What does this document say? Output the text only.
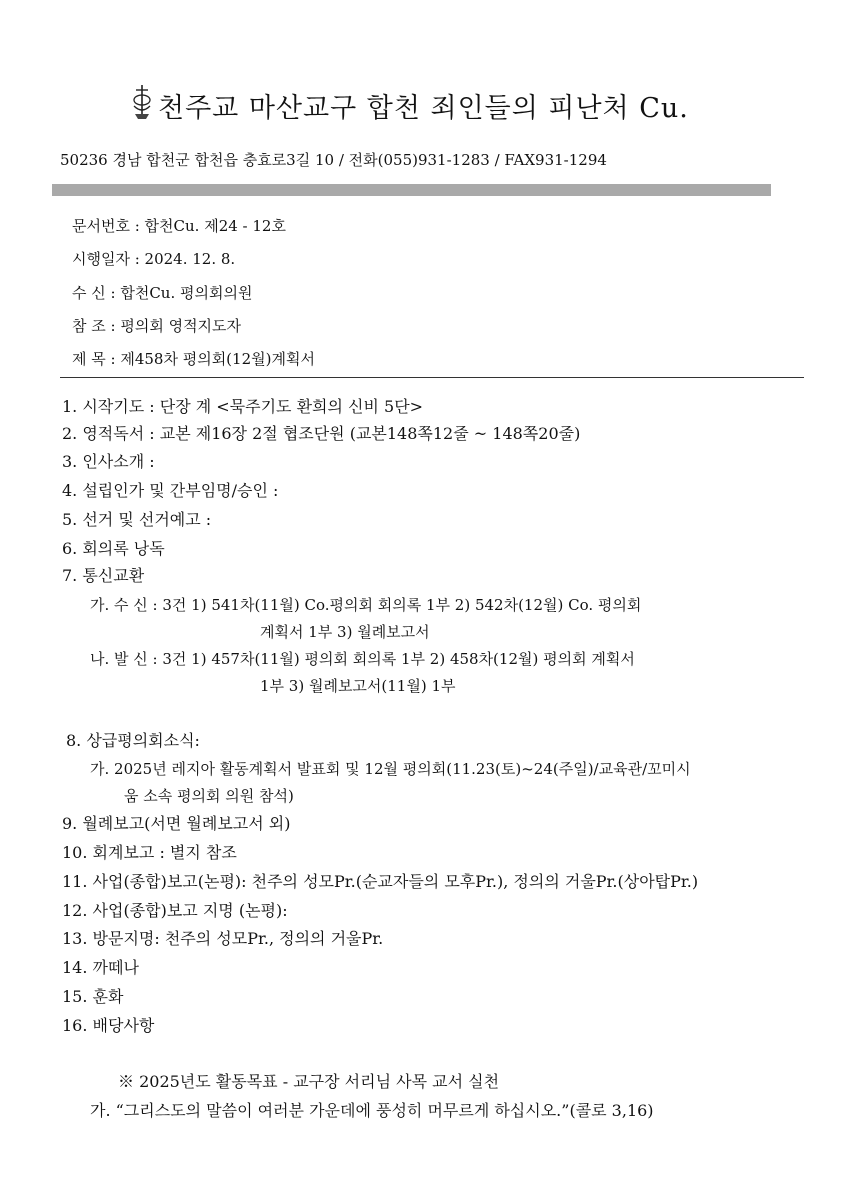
천주교 마산교구 합천 죄인들의 피난처 Cu.
50236 경남 합천군 합천읍 충효로3길 10 / 전화(055)931-1283 / FAX931-1294
문서번호 : 합천Cu. 제24 - 12호
시행일자 : 2024. 12. 8.
수 신 : 합천Cu. 평의회의원
참 조 : 평의회 영적지도자
제 목 : 제458차 평의회(12월)계획서
1. 시작기도 : 단장 계 <묵주기도 환희의 신비 5단>
2. 영적독서 : 교본 제16장 2절 협조단원 (교본148쪽12줄 ~ 148쪽20줄)
3. 인사소개 :
4. 설립인가 및 간부임명/승인 :
5. 선거 및 선거예고 :
6. 회의록 낭독
7. 통신교환
가. 수 신 : 3건 1) 541차(11월) Co.평의회 회의록 1부 2) 542차(12월) Co. 평의회
계획서 1부 3) 월례보고서
나. 발 신 : 3건 1) 457차(11월) 평의회 회의록 1부 2) 458차(12월) 평의회 계획서
1부 3) 월례보고서(11월) 1부
8. 상급평의회소식:
가. 2025년 레지아 활동계획서 발표회 및 12월 평의회(11.23(토)~24(주일)/교육관/꼬미시
움 소속 평의회 의원 참석)
9. 월례보고(서면 월례보고서 외)
10. 회계보고 : 별지 참조
11. 사업(종합)보고(논평): 천주의 성모Pr.(순교자들의 모후Pr.), 정의의 거울Pr.(상아탑Pr.)
12. 사업(종합)보고 지명 (논평):
13. 방문지명: 천주의 성모Pr., 정의의 거울Pr.
14. 까떼나
15. 훈화
16. 배당사항
※ 2025년도 활동목표 - 교구장 서리님 사목 교서 실천
가. “그리스도의 말씀이 여러분 가운데에 풍성히 머무르게 하십시오.”(콜로 3,16)
